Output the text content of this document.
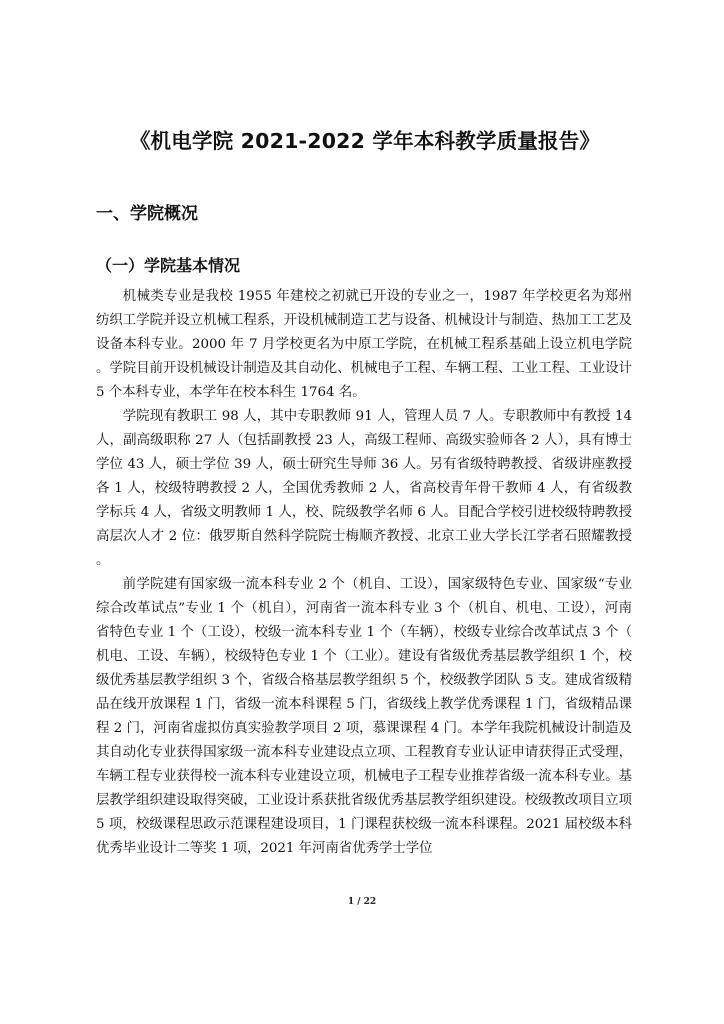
《机电学院 2021-2022 学年本科教学质量报告》
一、学院概况
（一）学院基本情况

机械类专业是我校 1955 年建校之初就已开设的专业之一，1987 年学校更名为郑州纺织工学院并设立机械工程系，开设机械制造工艺与设备、机械设计与制造、热加工工艺及设备本科专业。2000 年 7 月学校更名为中原工学院，在机械工程系基础上设立机电学院。学院目前开设机械设计制造及其自动化、机械电子工程、车辆工程、工业工程、工业设计 5 个本科专业，本学年在校本科生 1764 名。

学院现有教职工 98 人，其中专职教师 91 人，管理人员 7 人。专职教师中有教授 14 人，副高级职称 27 人（包括副教授 23 人，高级工程师、高级实验师各 2 人），具有博士学位 43 人，硕士学位 39 人，硕士研究生导师 36 人。另有省级特聘教授、省级讲座教授各 1 人，校级特聘教授 2 人，全国优秀教师 2 人，省高校青年骨干教师 4 人，有省级教学标兵 4 人，省级文明教师 1 人，校、院级教学名师 6 人。目配合学校引进校级特聘教授高层次人才 2 位：俄罗斯自然科学院院士梅顺齐教授、北京工业大学长江学者石照耀教授。

前学院建有国家级一流本科专业 2 个（机自、工设），国家级特色专业、国家级“专业综合改革试点”专业 1 个（机自），河南省一流本科专业 3 个（机自、机电、工设），河南省特色专业 1 个（工设），校级一流本科专业 1 个（车辆），校级专业综合改革试点 3 个（机电、工设、车辆），校级特色专业 1 个（工业）。建设有省级优秀基层教学组织 1 个，校级优秀基层教学组织 3 个，省级合格基层教学组织 5 个，校级教学团队 5 支。建成省级精品在线开放课程 1 门，省级一流本科课程 5 门，省级线上教学优秀课程 1 门，省级精品课程 2 门，河南省虚拟仿真实验教学项目 2 项，慕课课程 4 门。本学年我院机械设计制造及其自动化专业获得国家级一流本科专业建设点立项、工程教育专业认证申请获得正式受理，车辆工程专业获得校一流本科专业建设立项，机械电子工程专业推荐省级一流本科专业。基层教学组织建设取得突破，工业设计系获批省级优秀基层教学组织建设。校级教改项目立项 5 项，校级课程思政示范课程建设项目，1 门课程获校级一流本科课程。2021 届校级本科优秀毕业设计二等奖 1 项，2021 年河南省优秀学士学位

1 / 22
